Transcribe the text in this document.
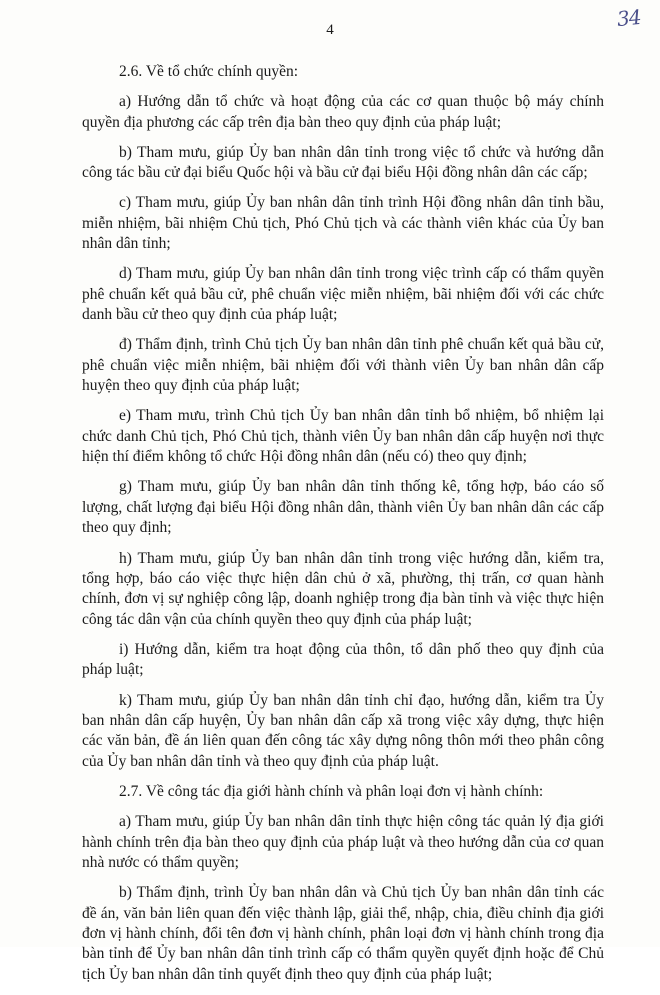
4	34

2.6. Về tổ chức chính quyền:

a) Hướng dẫn tổ chức và hoạt động của các cơ quan thuộc bộ máy chính quyền địa phương các cấp trên địa bàn theo quy định của pháp luật;

b) Tham mưu, giúp Ủy ban nhân dân tỉnh trong việc tổ chức và hướng dẫn công tác bầu cử đại biểu Quốc hội và bầu cử đại biểu Hội đồng nhân dân các cấp;

c) Tham mưu, giúp Ủy ban nhân dân tỉnh trình Hội đồng nhân dân tỉnh bầu, miễn nhiệm, bãi nhiệm Chủ tịch, Phó Chủ tịch và các thành viên khác của Ủy ban nhân dân tỉnh;

d) Tham mưu, giúp Ủy ban nhân dân tỉnh trong việc trình cấp có thẩm quyền phê chuẩn kết quả bầu cử, phê chuẩn việc miễn nhiệm, bãi nhiệm đối với các chức danh bầu cử theo quy định của pháp luật;

đ) Thẩm định, trình Chủ tịch Ủy ban nhân dân tỉnh phê chuẩn kết quả bầu cử, phê chuẩn việc miễn nhiệm, bãi nhiệm đối với thành viên Ủy ban nhân dân cấp huyện theo quy định của pháp luật;

e) Tham mưu, trình Chủ tịch Ủy ban nhân dân tỉnh bổ nhiệm, bổ nhiệm lại chức danh Chủ tịch, Phó Chủ tịch, thành viên Ủy ban nhân dân cấp huyện nơi thực hiện thí điểm không tổ chức Hội đồng nhân dân (nếu có) theo quy định;

g) Tham mưu, giúp Ủy ban nhân dân tỉnh thống kê, tổng hợp, báo cáo số lượng, chất lượng đại biểu Hội đồng nhân dân, thành viên Ủy ban nhân dân các cấp theo quy định;

h) Tham mưu, giúp Ủy ban nhân dân tỉnh trong việc hướng dẫn, kiểm tra, tổng hợp, báo cáo việc thực hiện dân chủ ở xã, phường, thị trấn, cơ quan hành chính, đơn vị sự nghiệp công lập, doanh nghiệp trong địa bàn tỉnh và việc thực hiện công tác dân vận của chính quyền theo quy định của pháp luật;

i) Hướng dẫn, kiểm tra hoạt động của thôn, tổ dân phố theo quy định của pháp luật;

k) Tham mưu, giúp Ủy ban nhân dân tỉnh chỉ đạo, hướng dẫn, kiểm tra Ủy ban nhân dân cấp huyện, Ủy ban nhân dân cấp xã trong việc xây dựng, thực hiện các văn bản, đề án liên quan đến công tác xây dựng nông thôn mới theo phân công của Ủy ban nhân dân tỉnh và theo quy định của pháp luật.

2.7. Về công tác địa giới hành chính và phân loại đơn vị hành chính:

a) Tham mưu, giúp Ủy ban nhân dân tỉnh thực hiện công tác quản lý địa giới hành chính trên địa bàn theo quy định của pháp luật và theo hướng dẫn của cơ quan nhà nước có thẩm quyền;

b) Thẩm định, trình Ủy ban nhân dân và Chủ tịch Ủy ban nhân dân tỉnh các đề án, văn bản liên quan đến việc thành lập, giải thể, nhập, chia, điều chỉnh địa giới đơn vị hành chính, đổi tên đơn vị hành chính, phân loại đơn vị hành chính trong địa bàn tỉnh để Ủy ban nhân dân tỉnh trình cấp có thẩm quyền quyết định hoặc để Chủ tịch Ủy ban nhân dân tỉnh quyết định theo quy định của pháp luật;
